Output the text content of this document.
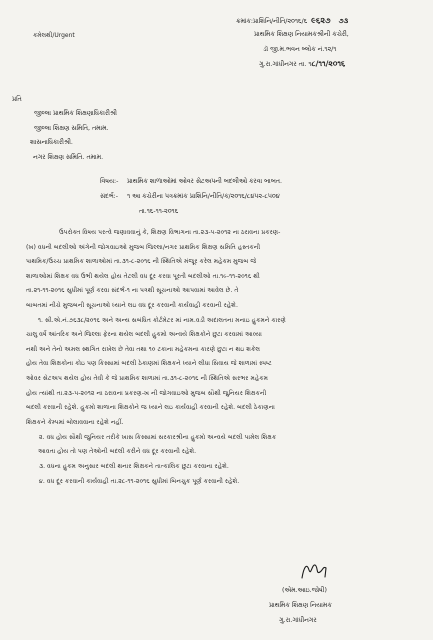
કમેલથી/Urgent
ક્રમાંક:પ્રાશિનિ/નીતિ/૨૦૧૬/૬ ૯૬૨૭ ૭૩
પ્રાથમિક શિક્ષણ નિયામકશ્રીની કચેરી,
ડૉ જી.મ.ભવન બ્લોક નં.૧૨/૧
ગુ.રા.ગાંધીનગર તા. ૧૮/૧૧/૨૦૧૬
પ્રતિ
જીલ્લા પ્રાથમિક શિક્ષણાધિકારીશ્રી
જીલ્લા શિક્ષણ સમિતિ, તમામ.
શાસનાધિકારીશ્રી.
નગર શિક્ષણ સમિતિ. તમામ.
વિષય:- પ્રાથમિક શાળાઓમાં ઓવર સેટઅપની બદલીઓ કરવા બાબત.
સંદર્ભ:- ૧ આ કચેરીના પત્રક્રમાંક પ્રાશિનિ/નીતિ/ક/૨૦૧૬/૮૪૫૨-૮૫૦૪
તા.૧૬-૧૧-૨૦૧૬
ઉપરોક્ત વિષય પરત્વે જણાવવાનું કે, શિક્ષણ વિભાગના તા.૨૩-૫-૨૦૧૨ ના ઠરાવના પ્રકરણ-
(ખ) વધની બદલીઓ અંગેની જોગવાઇઓ મુજબ જિલ્લા/નગર પ્રાથમિક શિક્ષણ સમિતિ હસ્તકની
પાથમિક/ઉચ્ચ પ્રાથમિક શાળાઓમાં તા.૩૧-૮-૨૦૧૬ ની સ્થિતિએ મંજૂર કરેલ મહેકમ મુજબ જે
શાળાઓમાં શિક્ષક વધ ઉભી થયેલ હોય તેટલી વધ દૂર કરવા પૂરતી બદલીઓ તા.૧૯-૧૧-૨૦૧૬ થી
તા.૨૧-૧૧-૨૦૧૬ સુધીમાં પૂર્ણ કરવા સંદર્ભ-૧ ના પત્રથી સૂચનાઓ આપવામાં આવેલ છે. તે
બાબતમાં નીચે મુજબની સૂચનાઓ ધ્યાને લઇ વધ દૂર કરવાની કાર્યવાહી કરવાની રહેશે.
૧. સી.એ.નં.૭૬૩૮/૨૦૧૬ અને અન્ય સબંધિત કોર્ટમેટર માં નામ.વડી અદાલતના મનાઇ હુકમને કારણે
ચાલુ વર્ષે આંતરિક અને જિલ્લા ફેરના થયેલ બદલી હુકમો અન્વયે શિક્ષકોને છુટા કરવામાં આવ્યા
નથી અને તેનો અમલ સ્થગિત રાખેલ છે તેવા તથા ૧૦ ટકાના મહેકમના કારણે છુટા ન થઇ શકેલ
હોય તેવા શિક્ષકોના કોઇ પણ કિસ્સામાં બદલી ઠેકાણમાં શિક્ષકને ધ્યાને લીધા સિવાય જે શાળામાં સ્પષ્ટ
ઓવર સેટઅપ થયેલ હોય તેવી કે જે પ્રાથમિક શાળામાં તા.૩૧-૮-૨૦૧૬ ની સ્થિતિએ સરભર મહેકમ
હોય ત્યાંથી તા.૨૩-૫-૨૦૧૨ ના ઠરાવના પ્રકરણ-ખ ની જોગવાઇઓ મુજબ સૌથી જુનિયર શિક્ષકની
બદલી કરવાની રહેશે. હુકમો શાળાના શિક્ષકોને જ ધ્યાને લઇ કાર્યવાહી કરવાની રહેશે. બદલી ઠેકાણના
શિક્ષકને કેમ્પમાં બોલાવવાના રહેશે નહીં.
૨. વધ હોય સૌથી જુનિયર તરીકે ખાસ કિસ્સામાં સરકારશ્રીના હુકમો અન્વયે બદલી પામેલ શિક્ષક
આવતા હોય તો પણ તેઓની બદલી કરીને વધ દૂર કરવાની રહેશે.
૩. વધના હુકમ અનુસાર બદલી થનાર શિક્ષકને તાત્કાલિક છુટા કરવાના રહેશે.
૪. વધ દૂર કરવાની કાર્યવાહી તા.૨૮-૧૧-૨૦૧૬ સુધીમાં બિનચુક પૂર્ણ કરવાની રહેશે.
(એમ.આઇ.જોષી)
પ્રાથમિક શિક્ષણ નિયામક
ગુ.રા.ગાંધીનગર
